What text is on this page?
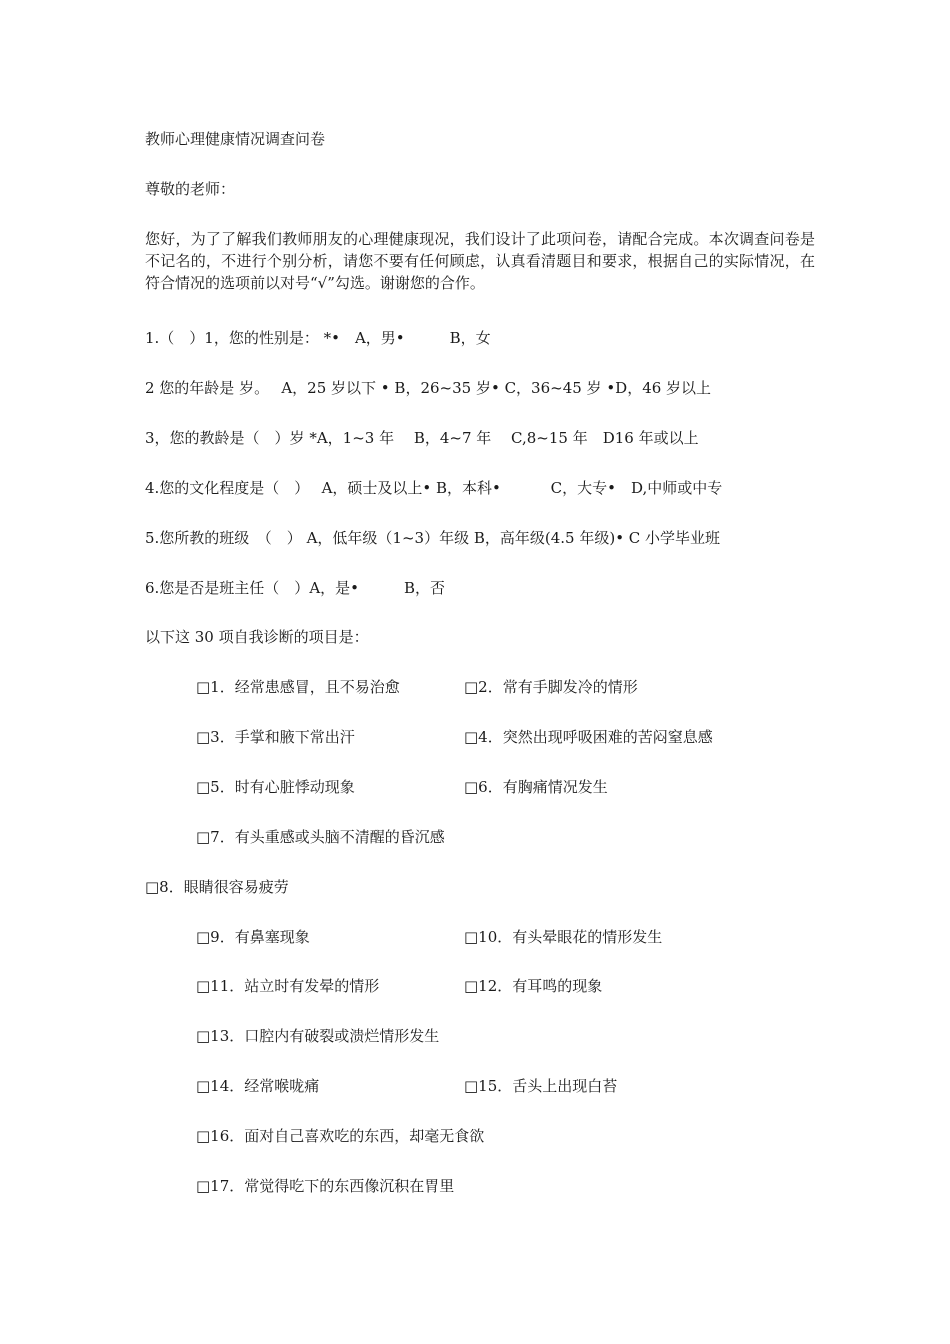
教师心理健康情况调查问卷
尊敬的老师：
您好，为了了解我们教师朋友的心理健康现况，我们设计了此项问卷，请配合完成。本次调查问卷是不记名的，不进行个别分析，请您不要有任何顾虑，认真看清题目和要求，根据自己的实际情况，在符合情况的选项前以对号“√”勾选。谢谢您的合作。
1.（　）1，您的性别是： *•　A，男•　　　B，女
2 您的年龄是 岁。　 A，25 岁以下 • B，26~35 岁• C，36~45 岁 •D，46 岁以上
3，您的教龄是（　）岁 *A，1~3 年　 B，4~7 年　 C,8~15 年　D16 年或以上
4.您的文化程度是（　）　 A，硕士及以上• B，本科•　　　 C，大专•　D,中师或中专
5.您所教的班级　（　） A，低年级（1~3）年级 B，高年级(4.5 年级)• C 小学毕业班
6.您是否是班主任（　）A，是•　　　B，否
以下这 30 项自我诊断的项目是：
□1．经常患感冒，且不易治愈	□2．常有手脚发冷的情形
□3．手掌和腋下常出汗	□4．突然出现呼吸困难的苦闷窒息感
□5．时有心脏悸动现象	□6．有胸痛情况发生
□7．有头重感或头脑不清醒的昏沉感
□8．眼睛很容易疲劳
□9．有鼻塞现象	□10．有头晕眼花的情形发生
□11．站立时有发晕的情形	□12．有耳鸣的现象
□13．口腔内有破裂或溃烂情形发生
□14．经常喉咙痛	□15．舌头上出现白苔
□16．面对自己喜欢吃的东西，却毫无食欲
□17．常觉得吃下的东西像沉积在胃里
